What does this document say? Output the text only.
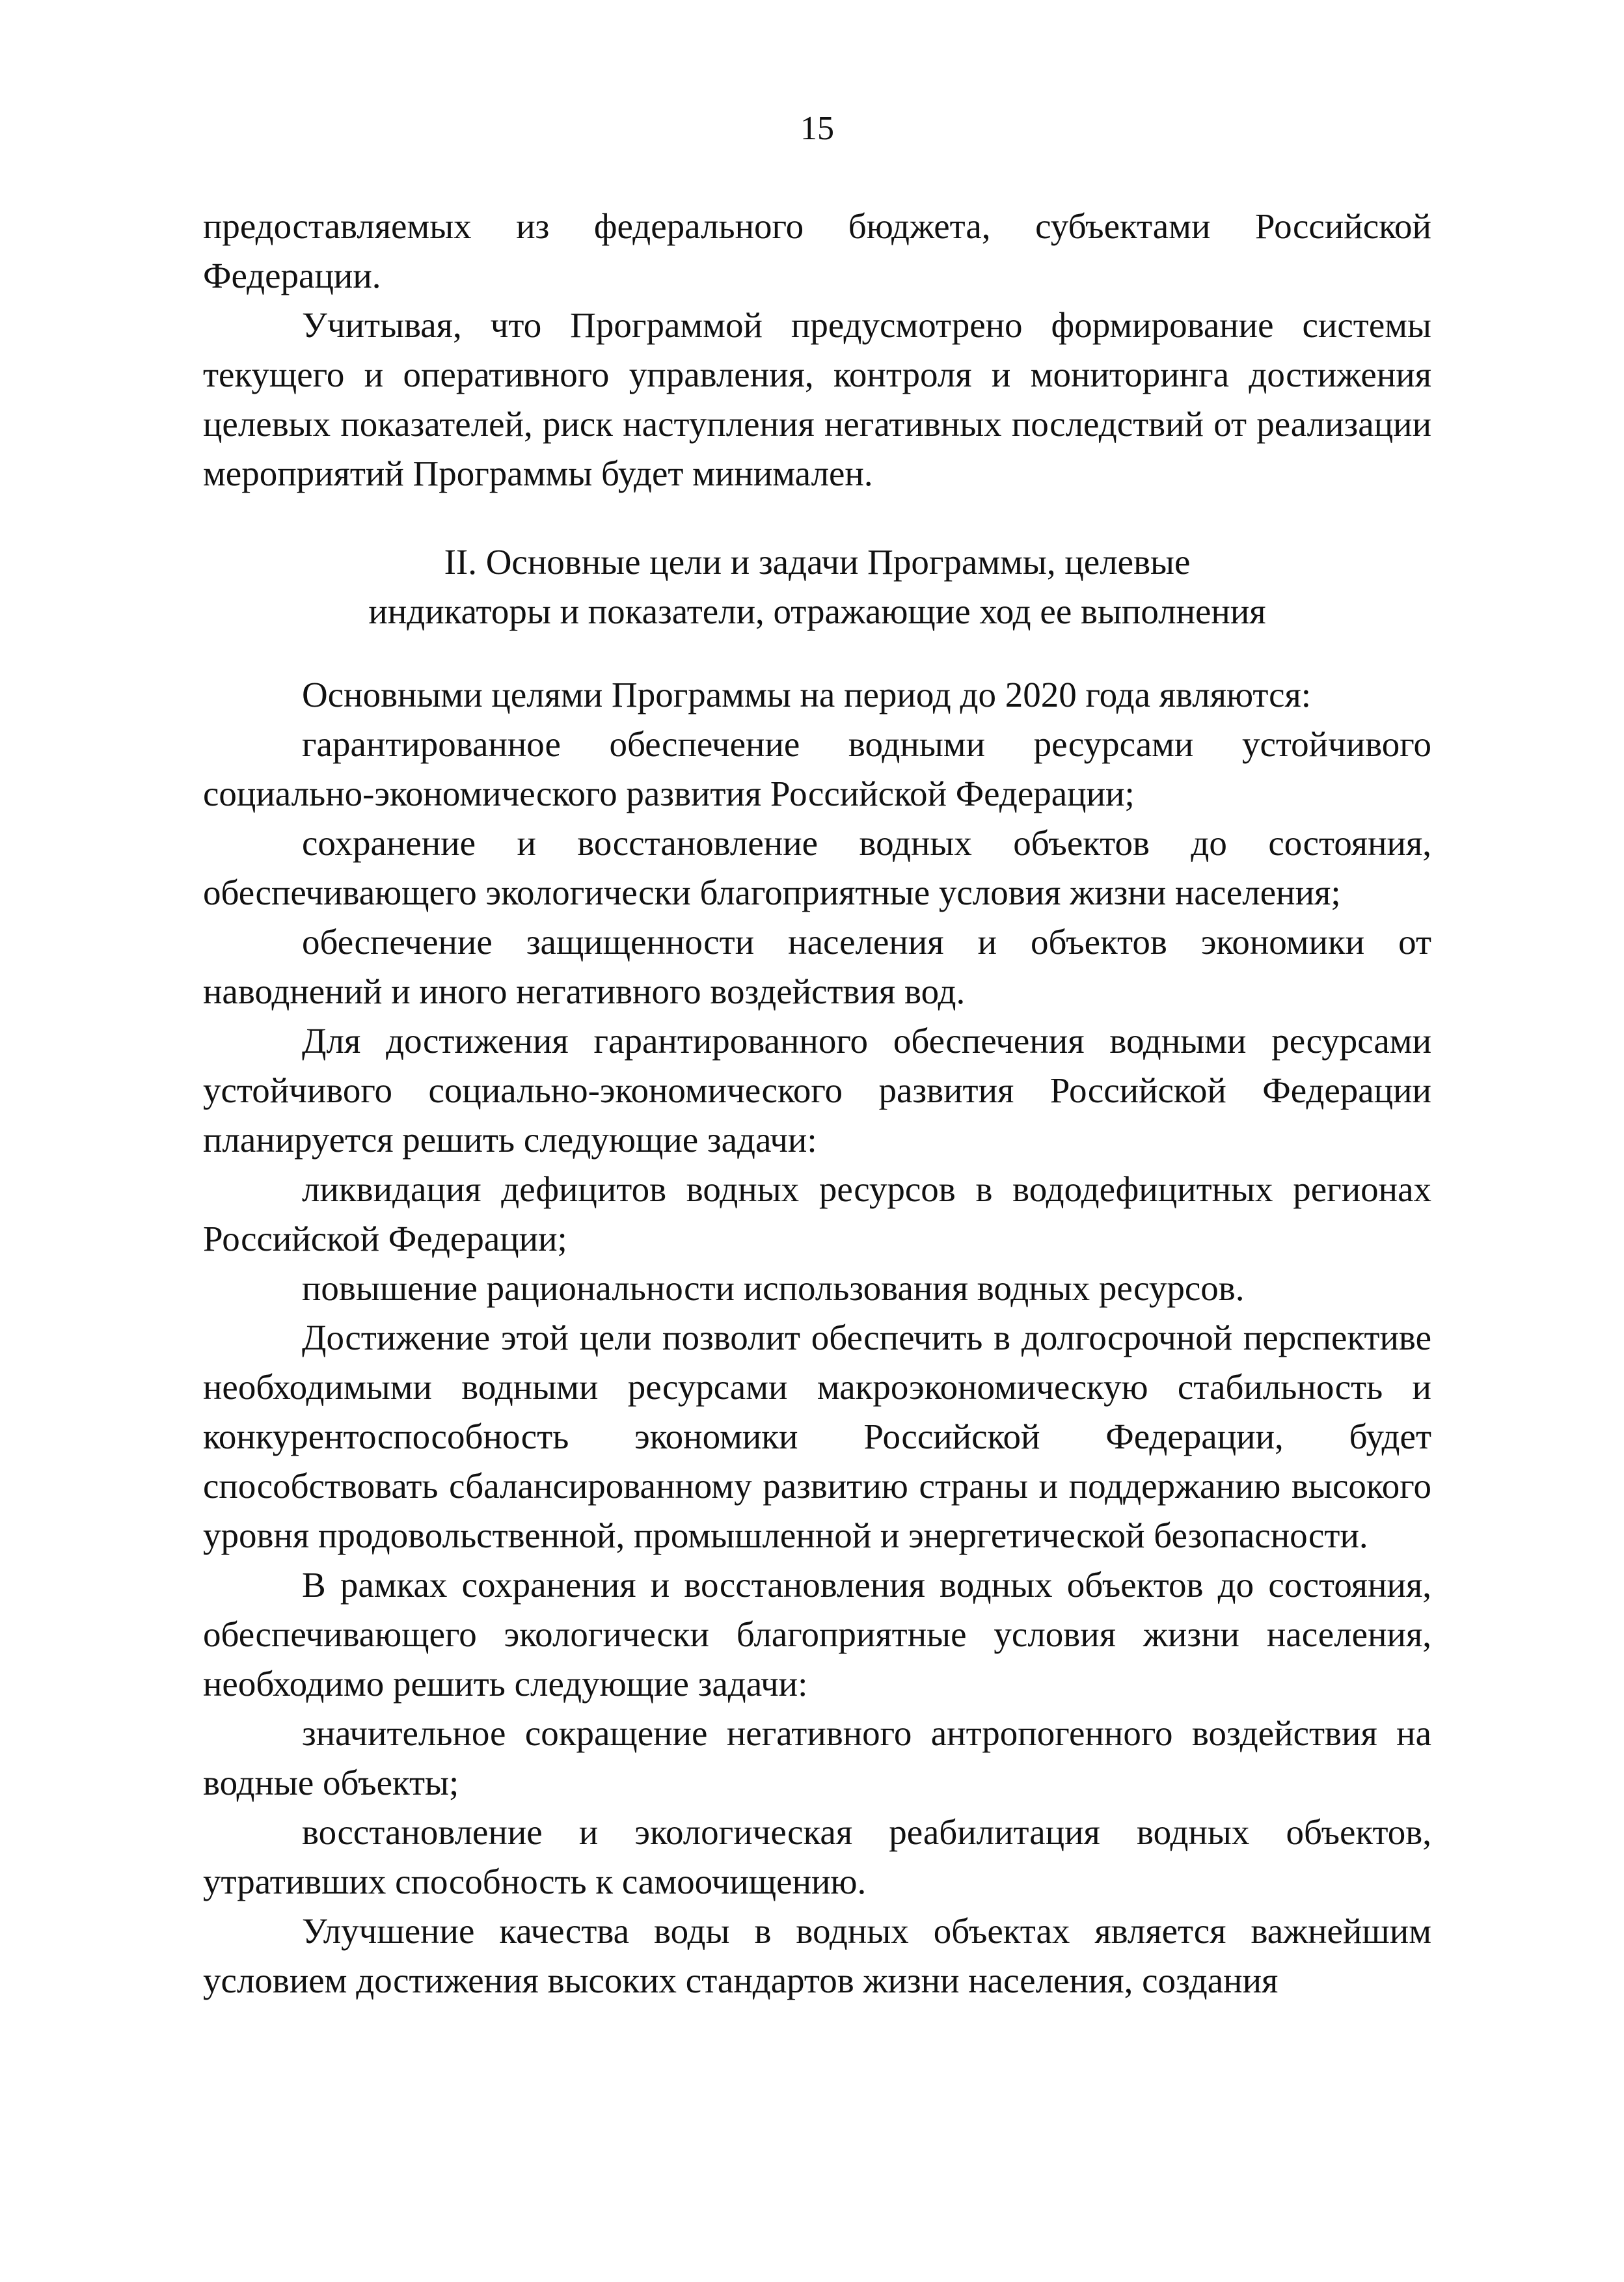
15

предоставляемых из федерального бюджета, субъектами Российской Федерации.

Учитывая, что Программой предусмотрено формирование системы текущего и оперативного управления, контроля и мониторинга достижения целевых показателей, риск наступления негативных последствий от реализации мероприятий Программы будет минимален.

II. Основные цели и задачи Программы, целевые
индикаторы и показатели, отражающие ход ее выполнения

Основными целями Программы на период до 2020 года являются:

гарантированное обеспечение водными ресурсами устойчивого социально-экономического развития Российской Федерации;

сохранение и восстановление водных объектов до состояния, обеспечивающего экологически благоприятные условия жизни населения;

обеспечение защищенности населения и объектов экономики от наводнений и иного негативного воздействия вод.

Для достижения гарантированного обеспечения водными ресурсами устойчивого социально-экономического развития Российской Федерации планируется решить следующие задачи:

ликвидация дефицитов водных ресурсов в вододефицитных регионах Российской Федерации;

повышение рациональности использования водных ресурсов.

Достижение этой цели позволит обеспечить в долгосрочной перспективе необходимыми водными ресурсами макроэкономическую стабильность и конкурентоспособность экономики Российской Федерации, будет способствовать сбалансированному развитию страны и поддержанию высокого уровня продовольственной, промышленной и энергетической безопасности.

В рамках сохранения и восстановления водных объектов до состояния, обеспечивающего экологически благоприятные условия жизни населения, необходимо решить следующие задачи:

значительное сокращение негативного антропогенного воздействия на водные объекты;

восстановление и экологическая реабилитация водных объектов, утративших способность к самоочищению.

Улучшение качества воды в водных объектах является важнейшим условием достижения высоких стандартов жизни населения, создания
